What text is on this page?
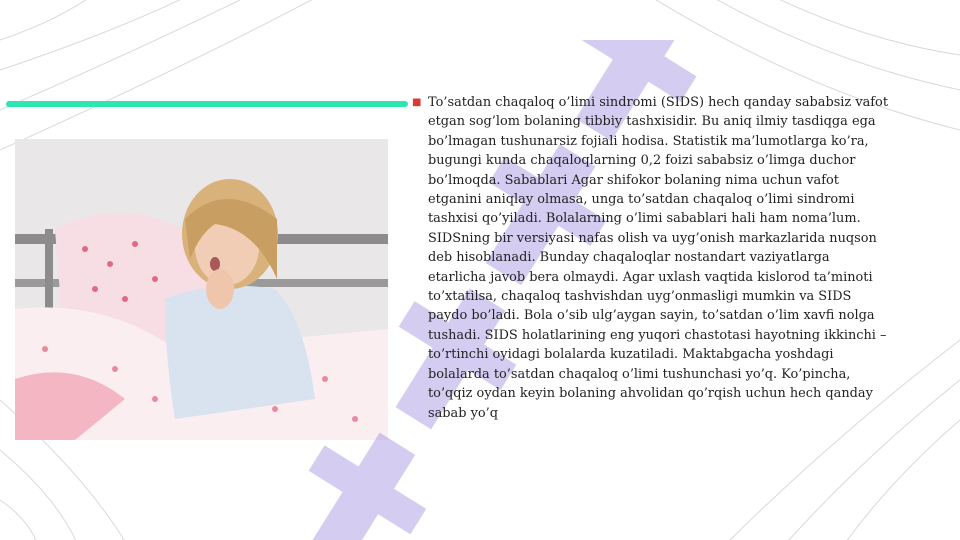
■ To’satdan chaqaloq o’limi sindromi (SIDS) hech qanday sababsiz vafot etgan sog’lom bolaning tibbiy tashxisidir. Bu aniq ilmiy tasdiqga ega bo’lmagan tushunarsiz fojiali hodisa. Statistik ma’lumotlarga ko’ra, bugungi kunda chaqaloqlarning 0,2 foizi sababsiz o’limga duchor bo’lmoqda. Sabablari Agar shifokor bolaning nima uchun vafot etganini aniqlay olmasa, unga to’satdan chaqaloq o’limi sindromi tashxisi qo’yiladi. Bolalarning o’limi sabablari hali ham noma’lum. SIDSning bir versiyasi nafas olish va uyg’onish markazlarida nuqson deb hisoblanadi. Bunday chaqaloqlar nostandart vaziyatlarga etarlicha javob bera olmaydi. Agar uxlash vaqtida kislorod ta’minoti to’xtatilsa, chaqaloq tashvishdan uyg’onmasligi mumkin va SIDS paydo bo’ladi. Bola o’sib ulg’aygan sayin, to’satdan o’lim xavfi nolga tushadi. SIDS holatlarining eng yuqori chastotasi hayotning ikkinchi – to’rtinchi oyidagi bolalarda kuzatiladi. Maktabgacha yoshdagi bolalarda to’satdan chaqaloq o’limi tushunchasi yo’q. Ko’pincha, to’qqiz oydan keyin bolaning ahvolidan qo’rqish uchun hech qanday sabab yo’q
